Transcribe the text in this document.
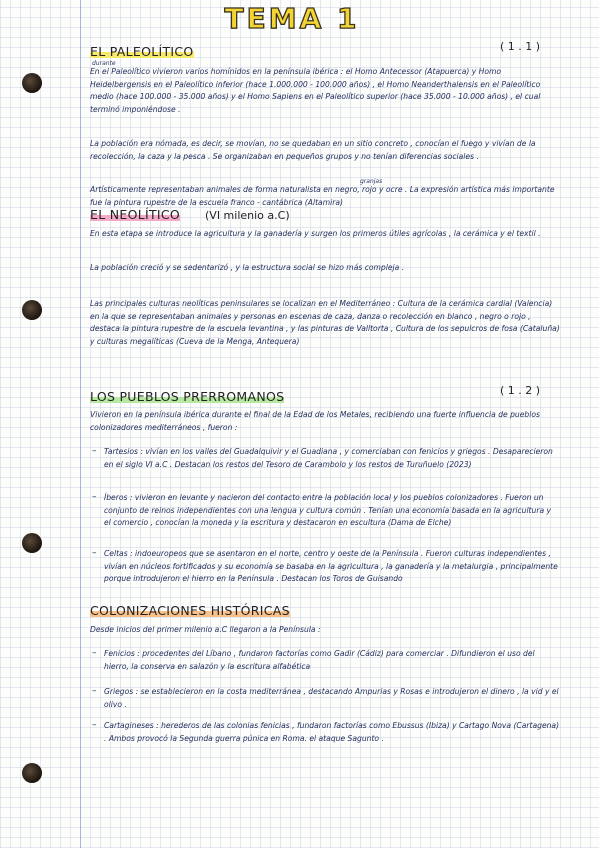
TEMA 1
EL PALEOLÍTICO	( 1 . 1 )
durante

En el Paleolítico vivieron varios homínidos en la península ibérica : el Homo Antecessor (Atapuerca) y Homo Heidelbergensis en el Paleolítico inferior (hace 1.000.000 - 100.000 años) , el Homo Neanderthalensis en el Paleolítico medio (hace 100.000 - 35.000 años) y el Homo Sapiens en el Paleolítico superior (hace 35.000 - 10.000 años) , el cual terminó imponiéndose .

La población era nómada, es decir, se movían, no se quedaban en un sitio concreto , conocían el fuego y vivían de la recolección, la caza y la pesca . Se organizaban en pequeños grupos y no tenían diferencias sociales .

granjas

Artísticamente representaban animales de forma naturalista en negro, rojo y ocre . La expresión artística más importante fue la pintura rupestre de la escuela franco - cantábrica (Altamira)

EL NEOLÍTICO (VI milenio a.C)

En esta etapa se introduce la agricultura y la ganadería y surgen los primeros útiles agrícolas , la cerámica y el textil .

La población creció y se sedentarizó , y la estructura social se hizo más compleja .

Las principales culturas neolíticas peninsulares se localizan en el Mediterráneo : Cultura de la cerámica cardial (Valencia) en la que se representaban animales y personas en escenas de caza, danza o recolección en blanco , negro o rojo , destaca la pintura rupestre de la escuela levantina , y las pinturas de Valltorta , Cultura de los sepulcros de fosa (Cataluña) y culturas megalíticas (Cueva de la Menga, Antequera)

LOS PUEBLOS PRERROMANOS	( 1 . 2 )

Vivieron en la península ibérica durante el final de la Edad de los Metales, recibiendo una fuerte influencia de pueblos colonizadores mediterráneos , fueron :

– Tartesios : vivían en los valles del Guadalquivir y el Guadiana , y comerciaban con fenicios y griegos . Desaparecieron en el siglo VI a.C . Destacan los restos del Tesoro de Carambolo y los restos de Turuñuelo (2023)

– Íberos : vivieron en levante y nacieron del contacto entre la población local y los pueblos colonizadores . Fueron un conjunto de reinos independientes con una lengua y cultura común . Tenían una economía basada en la agricultura y el comercio , conocían la moneda y la escritura y destacaron en escultura (Dama de Elche)

– Celtas : indoeuropeos que se asentaron en el norte, centro y oeste de la Península . Fueron culturas independientes , vivían en núcleos fortificados y su economía se basaba en la agricultura , la ganadería y la metalurgia , principalmente porque introdujeron el hierro en la Península . Destacan los Toros de Guisando

COLONIZACIONES HISTÓRICAS

Desde inicios del primer milenio a.C llegaron a la Península :

– Fenicios : procedentes del Líbano , fundaron factorías como Gadir (Cádiz) para comerciar . Difundieron el uso del hierro, la conserva en salazón y la escritura alfabética

– Griegos : se establecieron en la costa mediterránea , destacando Ampurias y Rosas e introdujeron el dinero , la vid y el olivo .

– Cartagineses : herederos de las colonias fenicias , fundaron factorías como Ebussus (Ibiza) y Cartago Nova (Cartagena) . Ambos provocó la Segunda guerra púnica en Roma. el ataque Sagunto .
